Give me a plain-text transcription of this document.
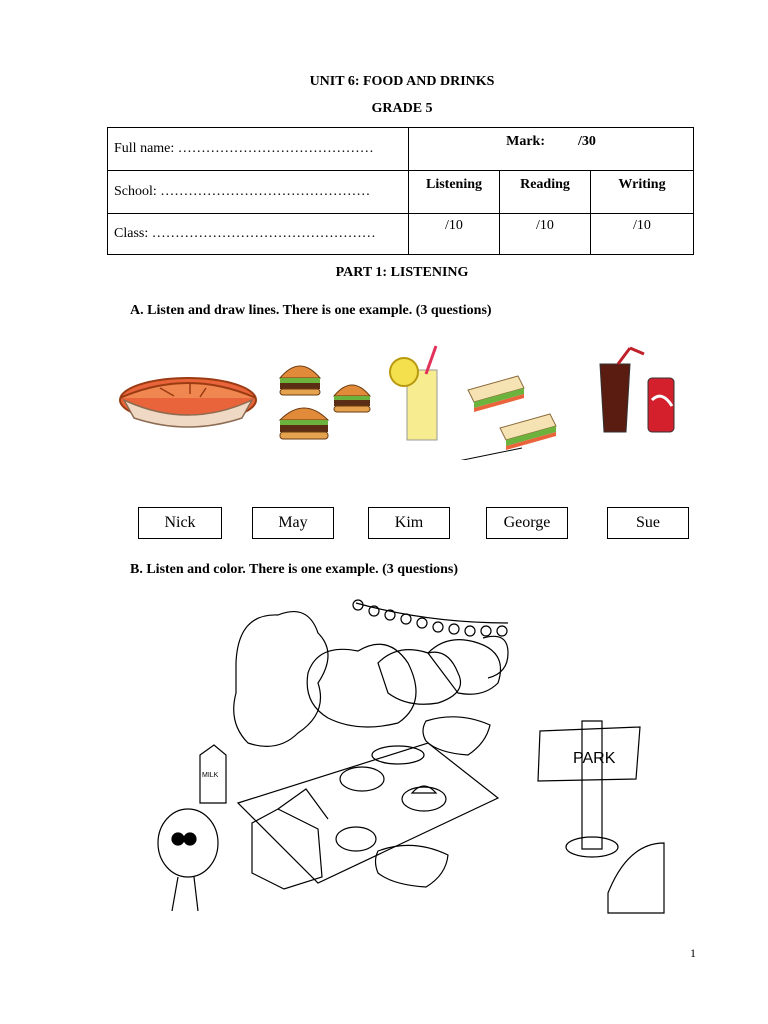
UNIT 6: FOOD AND DRINKS
GRADE 5
Full name: ……………………………………	Mark: /30		
School: ………………………………………	Listening	Reading	Writing
Class: …………………………………………	/10	/10	/10
PART 1: LISTENING
A. Listen and draw lines. There is one example. (3 questions)
Nick	May	Kim	George	Sue
B. Listen and color. There is one example. (3 questions)
PARK
MILK
1
